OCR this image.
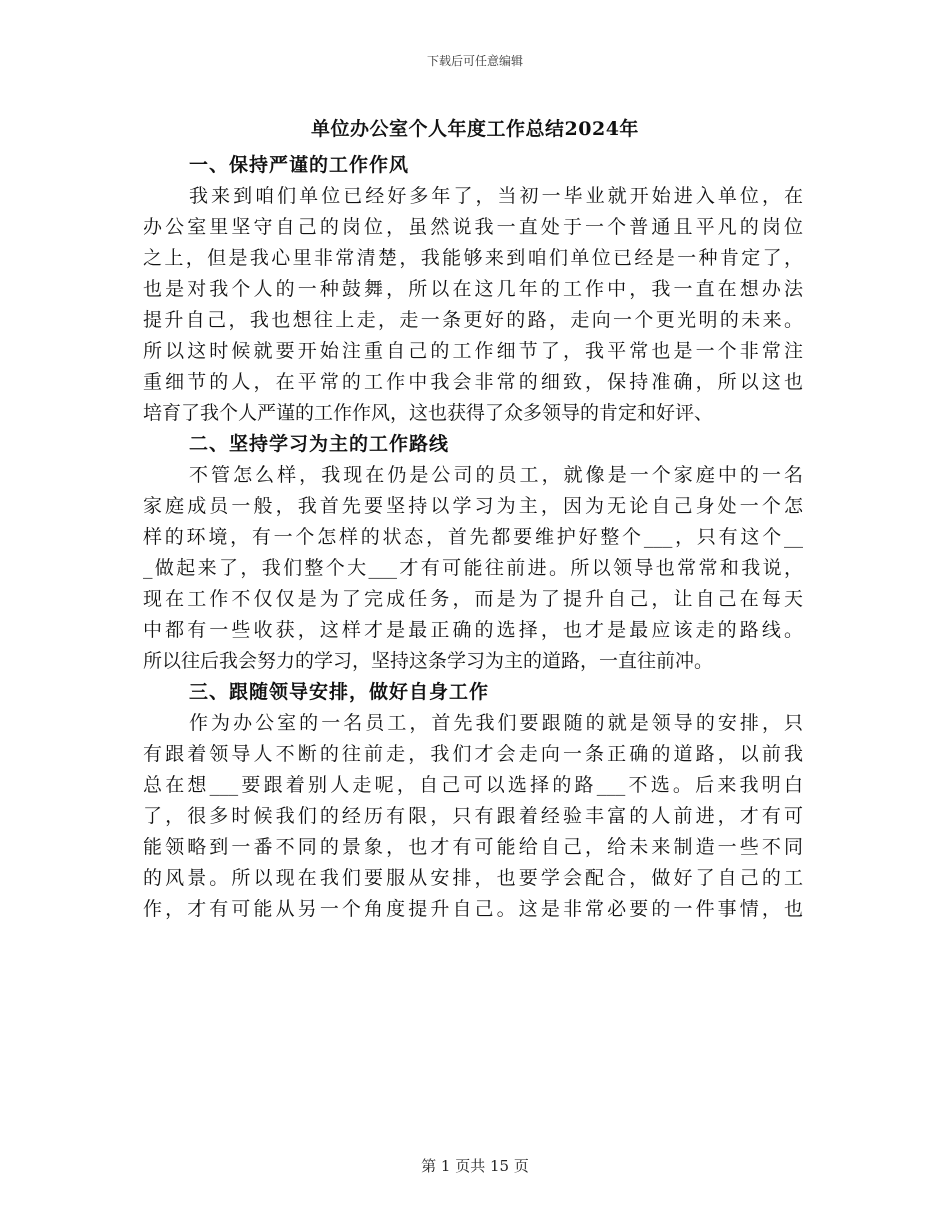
下载后可任意编辑
单位办公室个人年度工作总结2024年
一、保持严谨的工作作风
我来到咱们单位已经好多年了，当初一毕业就开始进入单位，在
办公室里坚守自己的岗位，虽然说我一直处于一个普通且平凡的岗位
之上，但是我心里非常清楚，我能够来到咱们单位已经是一种肯定了，
也是对我个人的一种鼓舞，所以在这几年的工作中，我一直在想办法
提升自己，我也想往上走，走一条更好的路，走向一个更光明的未来。
所以这时候就要开始注重自己的工作细节了，我平常也是一个非常注
重细节的人，在平常的工作中我会非常的细致，保持准确，所以这也
培育了我个人严谨的工作作风，这也获得了众多领导的肯定和好评、
二、坚持学习为主的工作路线
不管怎么样，我现在仍是公司的员工，就像是一个家庭中的一名
家庭成员一般，我首先要坚持以学习为主，因为无论自己身处一个怎
样的环境，有一个怎样的状态，首先都要维护好整个___，只有这个__
_做起来了，我们整个大___才有可能往前进。所以领导也常常和我说，
现在工作不仅仅是为了完成任务，而是为了提升自己，让自己在每天
中都有一些收获，这样才是最正确的选择，也才是最应该走的路线。
所以往后我会努力的学习，坚持这条学习为主的道路，一直往前冲。
三、跟随领导安排，做好自身工作
作为办公室的一名员工，首先我们要跟随的就是领导的安排，只
有跟着领导人不断的往前走，我们才会走向一条正确的道路，以前我
总在想___要跟着别人走呢，自己可以选择的路___不选。后来我明白
了，很多时候我们的经历有限，只有跟着经验丰富的人前进，才有可
能领略到一番不同的景象，也才有可能给自己，给未来制造一些不同
的风景。所以现在我们要服从安排，也要学会配合，做好了自己的工
作，才有可能从另一个角度提升自己。这是非常必要的一件事情，也
第 1 页共 15 页
